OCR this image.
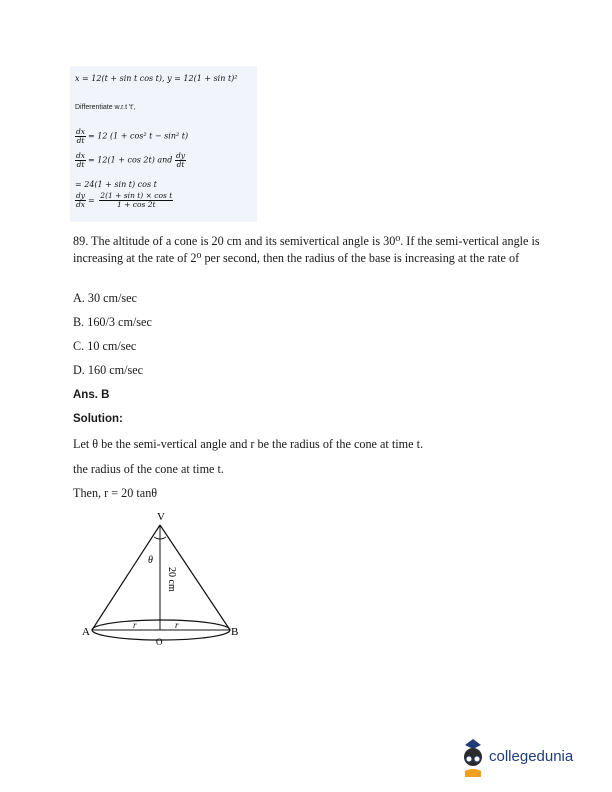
x = 12(t + sin t cos t), y = 12(1 + sin t)²
Differentiate w.r.t 't',
$\frac{dx}{dt} = 12$ (1 + cos² t − sin² t)
$\frac{dx}{dt} = 12(1 + \cos 2t)$ and $\frac{dy}{dt}$
= 24(1 + sin t) cos t
$\frac{dy}{dx} = \frac{\text{2(1 + sin t) × cos t}}{1 + \cos 2t}$
89. The altitude of a cone is 20 cm and its semivertical angle is 30⁰. If the semi-vertical angle is increasing at the rate of 2⁰ per second, then the radius of the base is increasing at the rate of
A. 30 cm/sec
B. 160/3 cm/sec
C. 10 cm/sec
D. 160 cm/sec
Ans. B
Solution:
Let θ be the semi-vertical angle and r be the radius of the cone at time t.
the radius of the cone at time t.
Then, r = 20 tanθ
V
θ
A	B
r	r
O
20 cm
collegedunia
